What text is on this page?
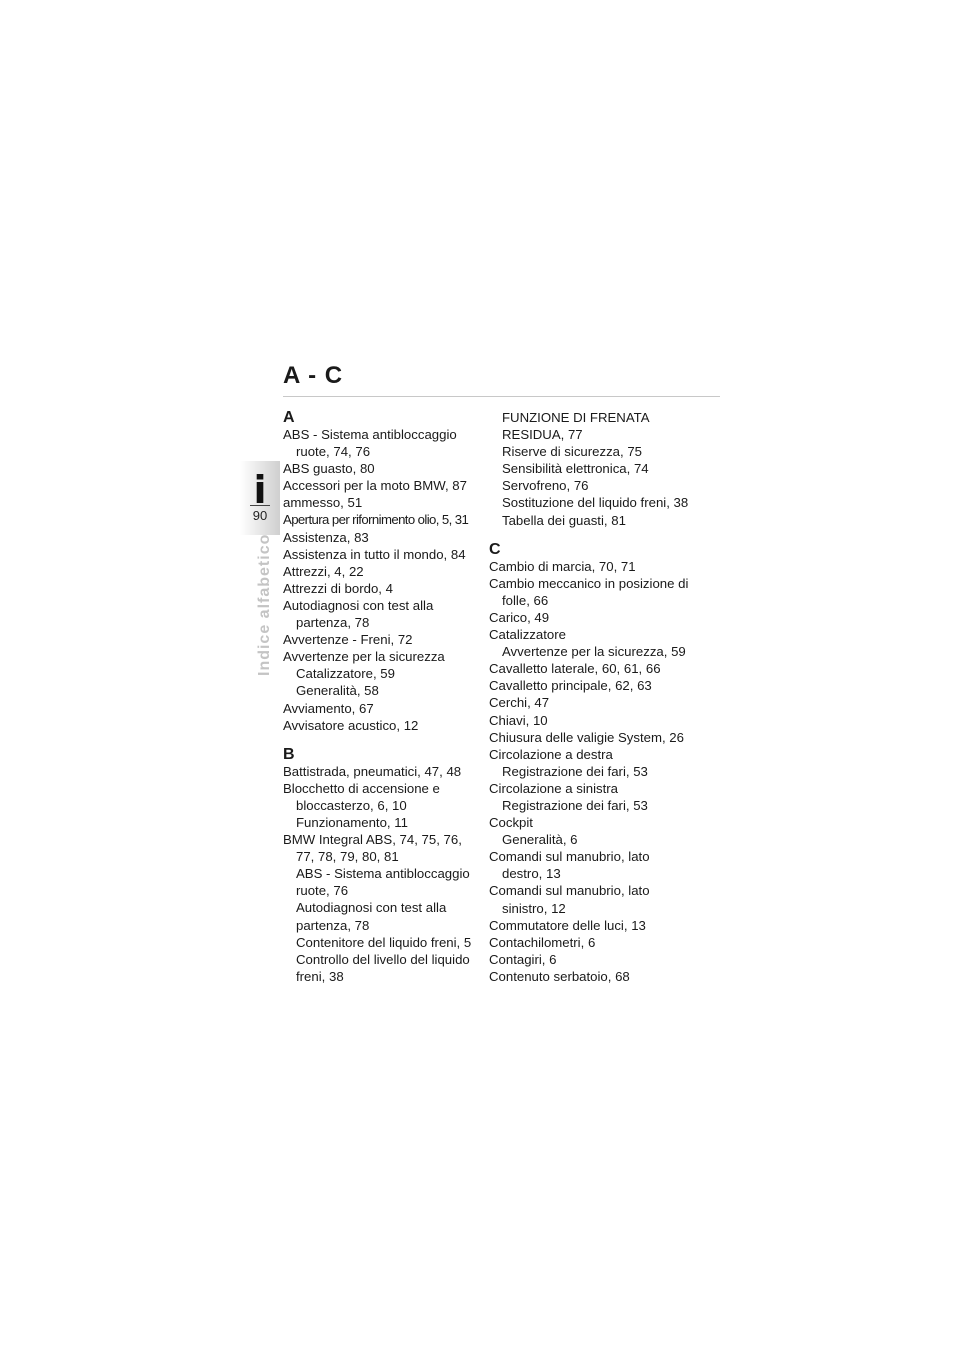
A - C
i
90
Indice alfabetico
A
ABS - Sistema antibloccaggio
ruote, 74, 76
ABS guasto, 80
Accessori per la moto BMW, 87
ammesso, 51
Apertura per rifornimento olio, 5, 31
Assistenza, 83
Assistenza in tutto il mondo, 84
Attrezzi, 4, 22
Attrezzi di bordo, 4
Autodiagnosi con test alla
partenza, 78
Avvertenze - Freni, 72
Avvertenze per la sicurezza
Catalizzatore, 59
Generalità, 58
Avviamento, 67
Avvisatore acustico, 12
B
Battistrada, pneumatici, 47, 48
Blocchetto di accensione e
bloccasterzo, 6, 10
Funzionamento, 11
BMW Integral ABS, 74, 75, 76,
77, 78, 79, 80, 81
ABS - Sistema antibloccaggio
ruote, 76
Autodiagnosi con test alla
partenza, 78
Contenitore del liquido freni, 5
Controllo del livello del liquido
freni, 38
FUNZIONE DI FRENATA
RESIDUA, 77
Riserve di sicurezza, 75
Sensibilità elettronica, 74
Servofreno, 76
Sostituzione del liquido freni, 38
Tabella dei guasti, 81
C
Cambio di marcia, 70, 71
Cambio meccanico in posizione di
folle, 66
Carico, 49
Catalizzatore
Avvertenze per la sicurezza, 59
Cavalletto laterale, 60, 61, 66
Cavalletto principale, 62, 63
Cerchi, 47
Chiavi, 10
Chiusura delle valigie System, 26
Circolazione a destra
Registrazione dei fari, 53
Circolazione a sinistra
Registrazione dei fari, 53
Cockpit
Generalità, 6
Comandi sul manubrio, lato
destro, 13
Comandi sul manubrio, lato
sinistro, 12
Commutatore delle luci, 13
Contachilometri, 6
Contagiri, 6
Contenuto serbatoio, 68
